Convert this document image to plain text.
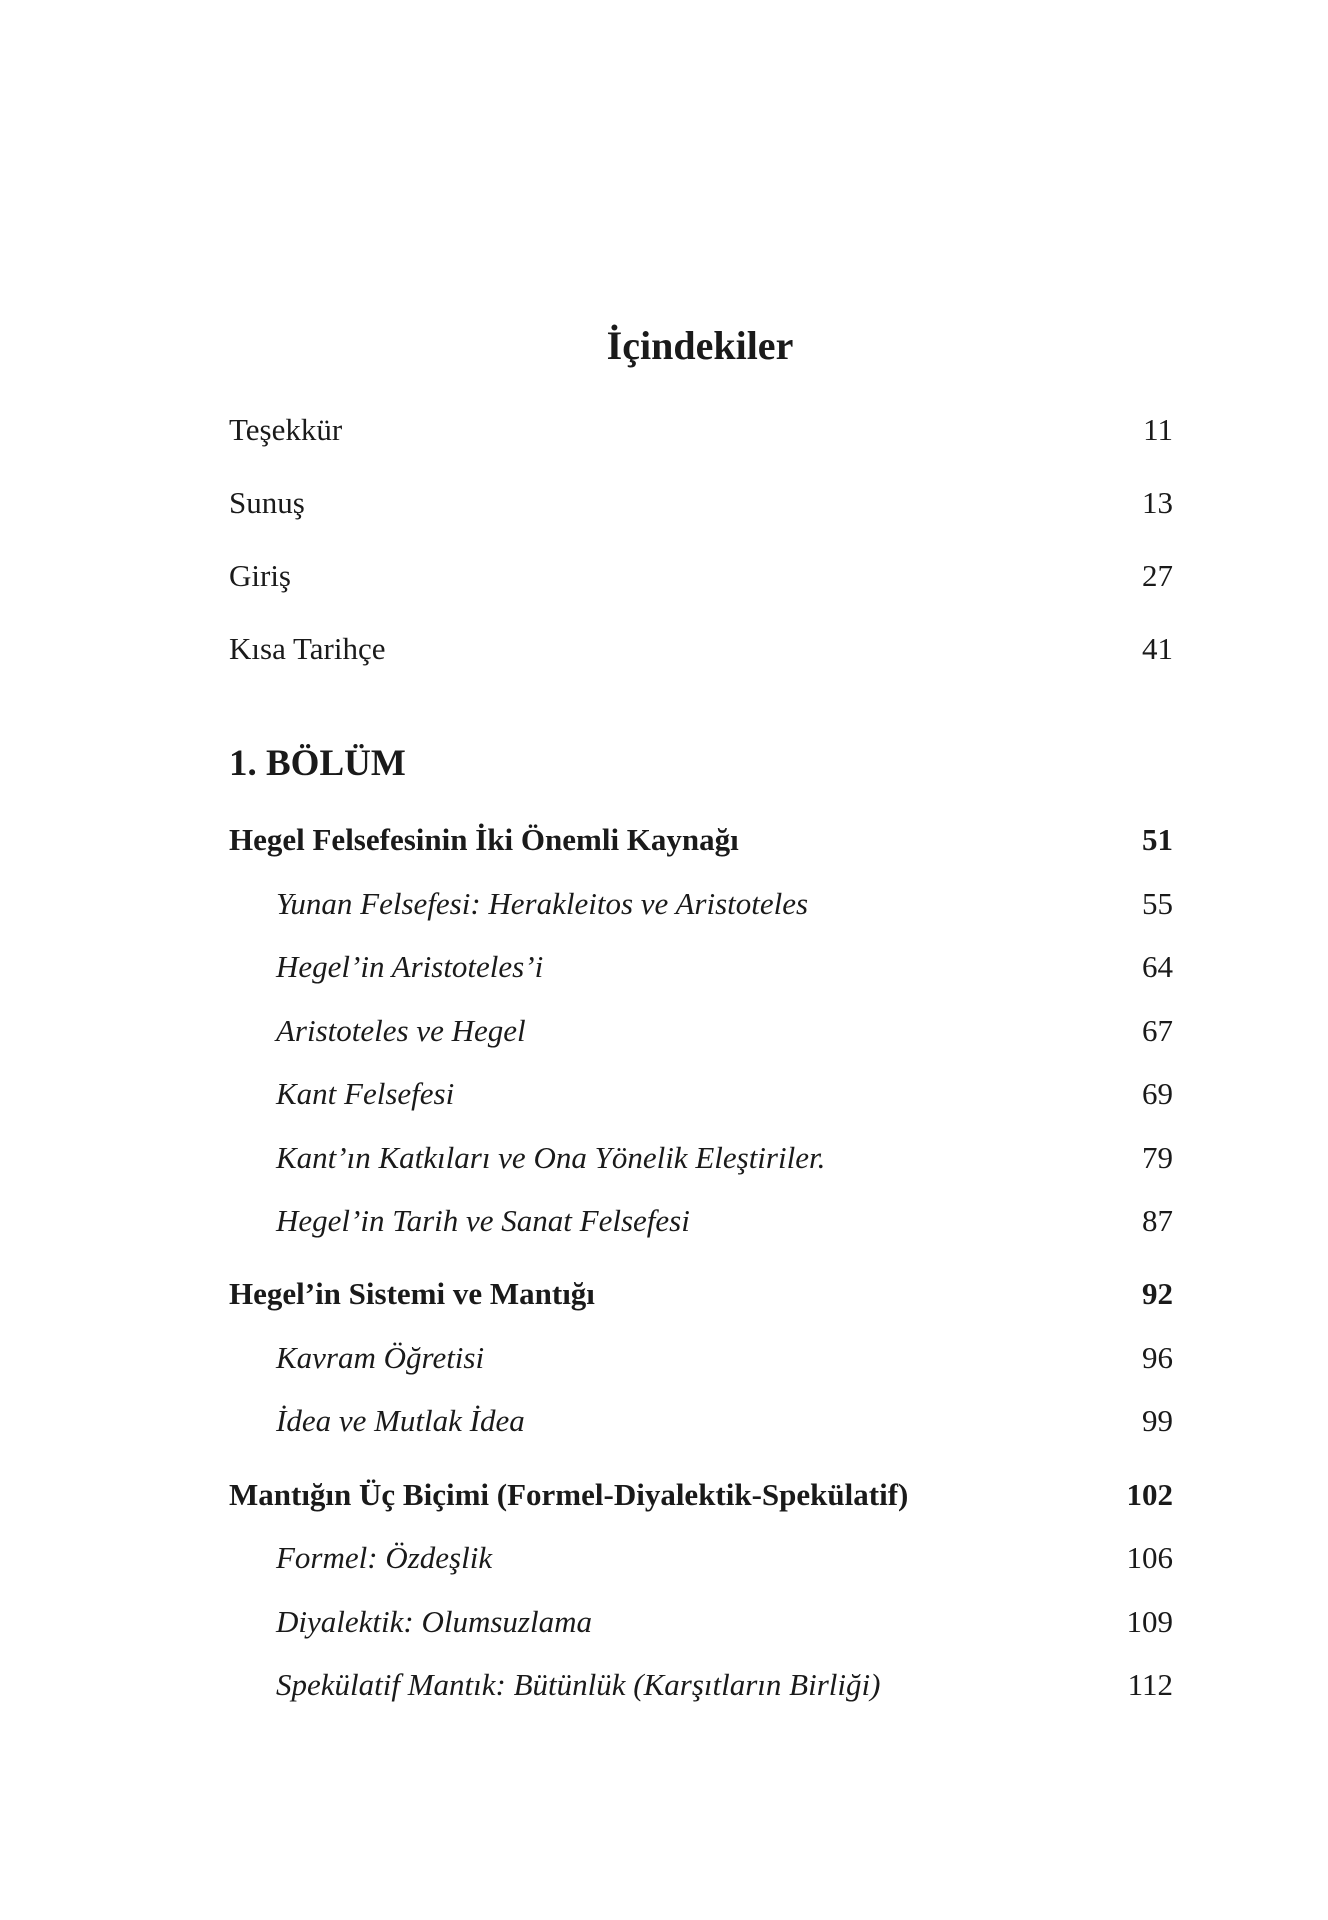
İçindekiler
Teşekkür	11
Sunuş	13
Giriş	27
Kısa Tarihçe	41
1. BÖLÜM
Hegel Felsefesinin İki Önemli Kaynağı	51
Yunan Felsefesi: Herakleitos ve Aristoteles	55
Hegel’in Aristoteles’i	64
Aristoteles ve Hegel	67
Kant Felsefesi	69
Kant’ın Katkıları ve Ona Yönelik Eleştiriler.	79
Hegel’in Tarih ve Sanat Felsefesi	87
Hegel’in Sistemi ve Mantığı	92
Kavram Öğretisi	96
İdea ve Mutlak İdea	99
Mantığın Üç Biçimi (Formel-Diyalektik-Spekülatif)	102
Formel: Özdeşlik	106
Diyalektik: Olumsuzlama	109
Spekülatif Mantık: Bütünlük (Karşıtların Birliği)	112
